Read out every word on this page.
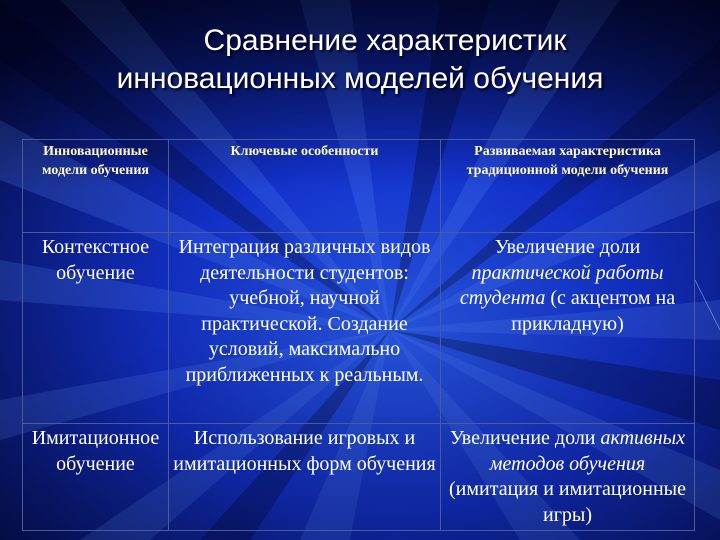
Сравнение характеристик
инновационных моделей обучения
Инновационные модели обучения	Ключевые особенности	Развиваемая характеристика традиционной модели обучения
Контекстное обучение	Интеграция различных видов деятельности студентов: учебной, научной практической. Создание условий, максимально приближенных к реальным.	Увеличение доли практической работы студента (с акцентом на прикладную)
Имитационное обучение	Использование игровых и имитационных форм обучения	Увеличение доли активных методов обучения (имитация и имитационные игры)
